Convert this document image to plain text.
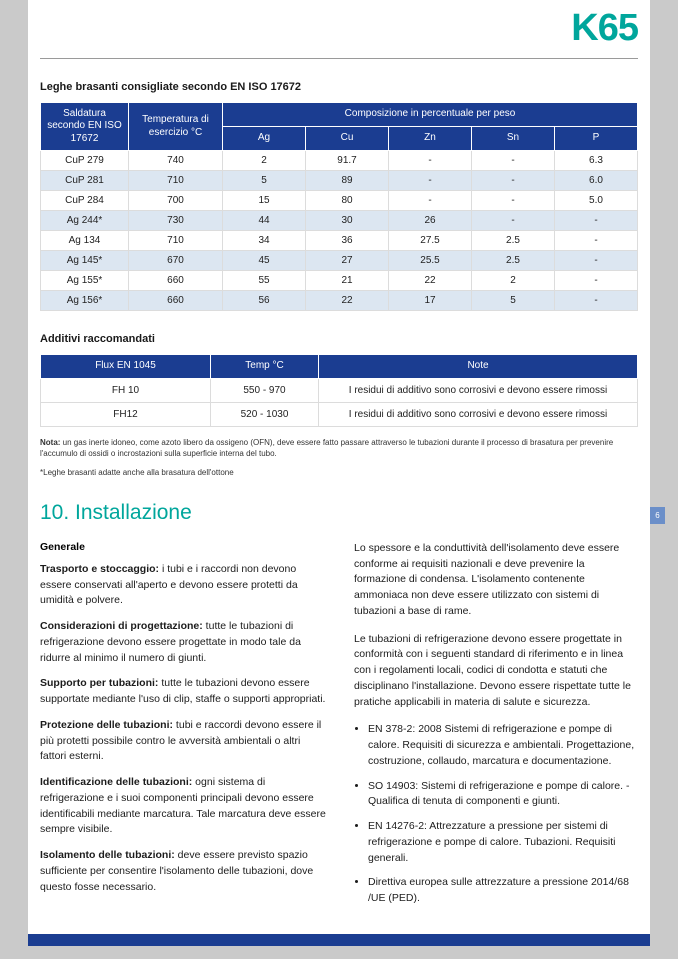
K65
Leghe brasanti consigliate secondo EN ISO 17672
Saldatura secondo EN ISO 17672	Temperatura di esercizio °C	Composizione in percentuale per peso				
		Ag	Cu	Zn	Sn	P
CuP 279	740	2	91.7	-	-	6.3
CuP 281	710	5	89	-	-	6.0
CuP 284	700	15	80	-	-	5.0
Ag 244*	730	44	30	26	-	-
Ag 134	710	34	36	27.5	2.5	-
Ag 145*	670	45	27	25.5	2.5	-
Ag 155*	660	55	21	22	2	-
Ag 156*	660	56	22	17	5	-
Additivi raccomandati
Flux EN 1045	Temp °C	Note
FH 10	550 - 970	I residui di additivo sono corrosivi e devono essere rimossi
FH12	520 - 1030	I residui di additivo sono corrosivi e devono essere rimossi

Nota: un gas inerte idoneo, come azoto libero da ossigeno (OFN), deve essere fatto passare attraverso le tubazioni durante il processo di brasatura per prevenire l'accumulo di ossidi o incrostazioni sulla superficie interna del tubo.

*Leghe brasanti adatte anche alla brasatura dell'ottone

10. Installazione
Generale

Trasporto e stoccaggio: i tubi e i raccordi non devono essere conservati all'aperto e devono essere protetti da umidità e polvere.

Considerazioni di progettazione: tutte le tubazioni di refrigerazione devono essere progettate in modo tale da ridurre al minimo il numero di giunti.

Supporto per tubazioni: tutte le tubazioni devono essere supportate mediante l'uso di clip, staffe o supporti appropriati.

Protezione delle tubazioni: tubi e raccordi devono essere il più protetti possibile contro le avversità ambientali o altri fattori esterni.

Identificazione delle tubazioni: ogni sistema di refrigerazione e i suoi componenti principali devono essere identificabili mediante marcatura. Tale marcatura deve essere sempre visibile.

Isolamento delle tubazioni: deve essere previsto spazio sufficiente per consentire l'isolamento delle tubazioni, dove questo fosse necessario.

Lo spessore e la conduttività dell'isolamento deve essere conforme ai requisiti nazionali e deve prevenire la formazione di condensa. L'isolamento contenente ammoniaca non deve essere utilizzato con sistemi di tubazioni a base di rame.

Le tubazioni di refrigerazione devono essere progettate in conformità con i seguenti standard di riferimento e in linea con i regolamenti locali, codici di condotta e statuti che disciplinano l'installazione. Devono essere rispettate tutte le pratiche applicabili in materia di salute e sicurezza.

• EN 378-2: 2008 Sistemi di refrigerazione e pompe di calore. Requisiti di sicurezza e ambientali. Progettazione, costruzione, collaudo, marcatura e documentazione.
• SO 14903: Sistemi di refrigerazione e pompe di calore. - Qualifica di tenuta di componenti e giunti.
• EN 14276-2: Attrezzature a pressione per sistemi di refrigerazione e pompe di calore. Tubazioni. Requisiti generali.
• Direttiva europea sulle attrezzature a pressione 2014/68 /UE (PED).
6
